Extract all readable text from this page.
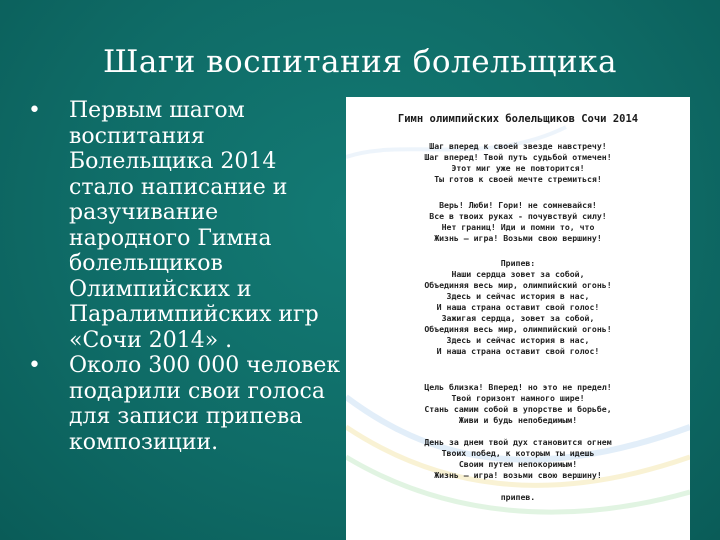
Шаги воспитания болельщика
• Первым шагом
воспитания
Болельщика 2014
стало написание и
разучивание
народного Гимна
болельщиков
Олимпийских и
Паралимпийских игр
«Сочи 2014» .
• Около 300 000 человек
подарили свои голоса
для записи припева
композиции.
Гимн олимпийских болельщиков Сочи 2014
Шаг вперед к своей звезде навстречу!
Шаг вперед! Твой путь судьбой отмечен!
Этот миг уже не повторится!
Ты готов к своей мечте стремиться!
Верь! Люби! Гори! не сомневайся!
Все в твоих руках - почувствуй силу!
Нет границ! Иди и помни то, что
Жизнь – игра! Возьми свою вершину!
Припев:
Наши сердца зовет за собой,
Объединяя весь мир, олимпийский огонь!
Здесь и сейчас история в нас,
И наша страна оставит свой голос!
Зажигая сердца, зовет за собой,
Объединяя весь мир, олимпийский огонь!
Здесь и сейчас история в нас,
И наша страна оставит свой голос!
Цель близка! Вперед! но это не предел!
Твой горизонт намного шире!
Стань самим собой в упорстве и борьбе,
Живи и будь непобедимым!
День за днем твой дух становится огнем
Твоих побед, к которым ты идешь
Своим путем непокоримым!
Жизнь – игра! возьми свою вершину!
припев.
